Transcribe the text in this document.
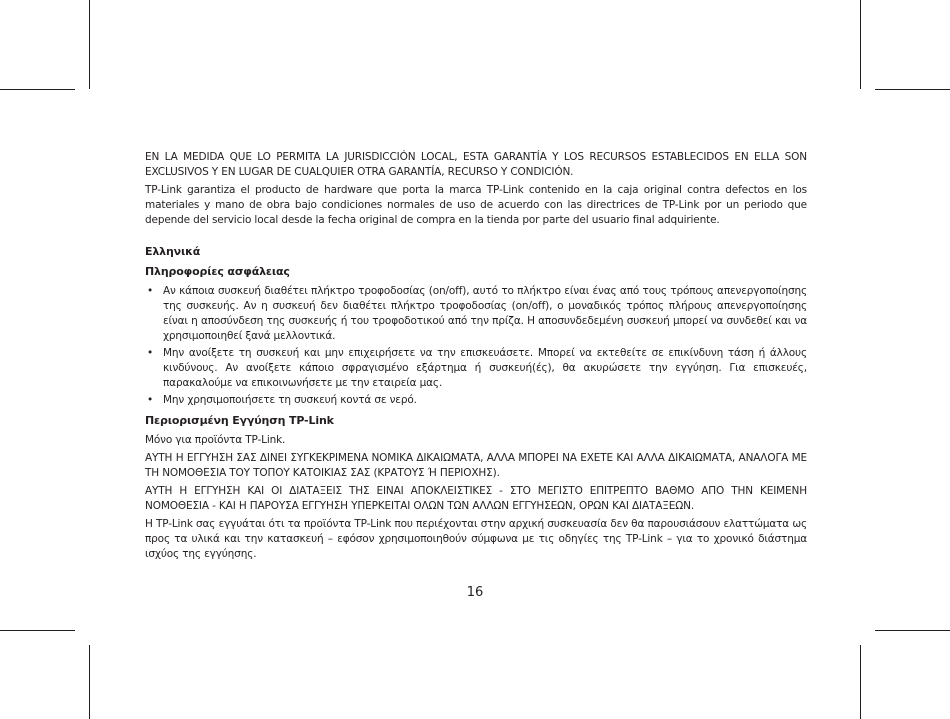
EN LA MEDIDA QUE LO PERMITA LA JURISDICCIÓN LOCAL, ESTA GARANTÍA Y LOS RECURSOS ESTABLECIDOS EN ELLA SON EXCLUSIVOS Y EN LUGAR DE CUALQUIER OTRA GARANTÍA, RECURSO Y CONDICIÓN.

TP-Link garantiza el producto de hardware que porta la marca TP-Link contenido en la caja original contra defectos en los materiales y mano de obra bajo condiciones normales de uso de acuerdo con las directrices de TP-Link por un periodo que depende del servicio local desde la fecha original de compra en la tienda por parte del usuario final adquiriente.

Ελληνικά
Πληροφορίες ασφάλειας
• Αν κάποια συσκευή διαθέτει πλήκτρο τροφοδοσίας (on/off), αυτό το πλήκτρο είναι ένας από τους τρόπους απενεργοποίησης της συσκευής. Αν η συσκευή δεν διαθέτει πλήκτρο τροφοδοσίας (on/off), ο μοναδικός τρόπος πλήρους απενεργοποίησης είναι η αποσύνδεση της συσκευής ή του τροφοδοτικού από την πρίζα. Η αποσυνδεδεμένη συσκευή μπορεί να συνδεθεί και να χρησιμοποιηθεί ξανά μελλοντικά.
• Μην ανοίξετε τη συσκευή και μην επιχειρήσετε να την επισκευάσετε. Μπορεί να εκτεθείτε σε επικίνδυνη τάση ή άλλους κινδύνους. Αν ανοίξετε κάποιο σφραγισμένο εξάρτημα ή συσκευή(ές), θα ακυρώσετε την εγγύηση. Για επισκευές, παρακαλούμε να επικοινωνήσετε με την εταιρεία μας.
• Μην χρησιμοποιήσετε τη συσκευή κοντά σε νερό.
Περιορισμένη Εγγύηση TP-Link

Μόνο για προϊόντα TP-Link.

ΑΥΤΗ Η ΕΓΓΥΗΣΗ ΣΑΣ ΔΙΝΕΙ ΣΥΓΚΕΚΡΙΜΕΝΑ ΝΟΜΙΚΑ ΔΙΚΑΙΩΜΑΤΑ, ΑΛΛΑ ΜΠΟΡΕΙ ΝΑ ΕΧΕΤΕ ΚΑΙ ΑΛΛΑ ΔΙΚΑΙΩΜΑΤΑ, ΑΝΑΛΟΓΑ ΜΕ ΤΗ ΝΟΜΟΘΕΣΙΑ ΤΟΥ ΤΟΠΟΥ ΚΑΤΟΙΚΙΑΣ ΣΑΣ (ΚΡΑΤΟΥΣ Ή ΠΕΡΙΟΧΗΣ).

ΑΥΤΗ Η ΕΓΓΥΗΣΗ ΚΑΙ ΟΙ ΔΙΑΤΑΞΕΙΣ ΤΗΣ ΕΙΝΑΙ ΑΠΟΚΛΕΙΣΤΙΚΕΣ - ΣΤΟ ΜΕΓΙΣΤΟ ΕΠΙΤΡΕΠΤΟ ΒΑΘΜΟ ΑΠΟ ΤΗΝ ΚΕΙΜΕΝΗ ΝΟΜΟΘΕΣΙΑ - ΚΑΙ Η ΠΑΡΟΥΣΑ ΕΓΓΥΗΣΗ ΥΠΕΡΚΕΙΤΑΙ ΟΛΩΝ ΤΩΝ ΑΛΛΩΝ ΕΓΓΥΗΣΕΩΝ, ΟΡΩΝ ΚΑΙ ΔΙΑΤΑΞΕΩΝ.

Η TP-Link σας εγγυάται ότι τα προϊόντα TP-Link που περιέχονται στην αρχική συσκευασία δεν θα παρουσιάσουν ελαττώματα ως προς τα υλικά και την κατασκευή – εφόσον χρησιμοποιηθούν σύμφωνα με τις οδηγίες της TP-Link – για το χρονικό διάστημα ισχύος της εγγύησης.

16
